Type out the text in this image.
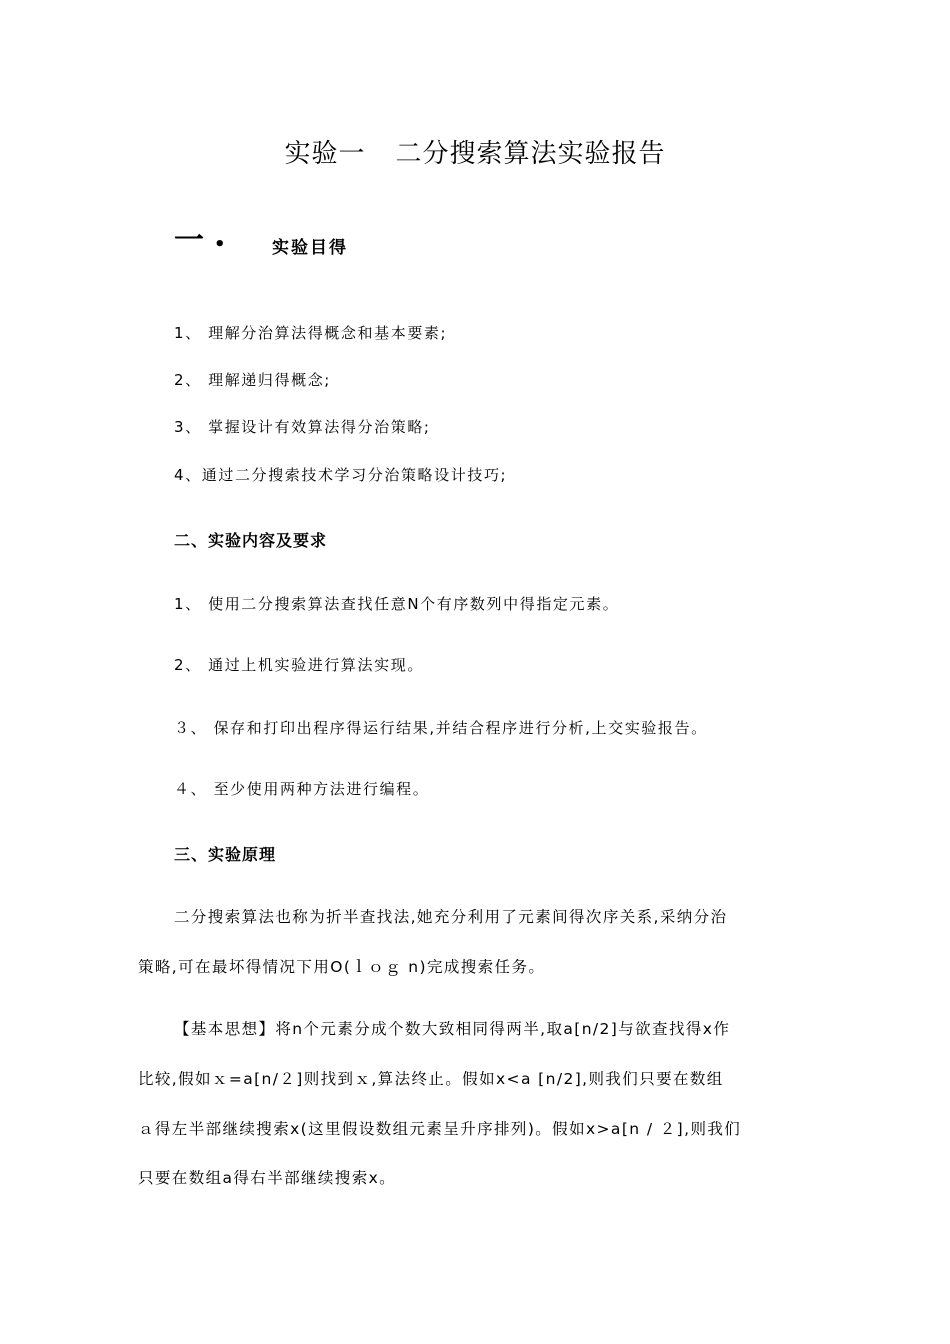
实验一 二分搜索算法实验报告
一 •	实验目得
1、 理解分治算法得概念和基本要素;
2、 理解递归得概念;
3、 掌握设计有效算法得分治策略;
4、通过二分搜索技术学习分治策略设计技巧;
二、实验内容及要求
1、 使用二分搜索算法查找任意N个有序数列中得指定元素。
2、 通过上机实验进行算法实现。
３、 保存和打印出程序得运行结果,并结合程序进行分析,上交实验报告。
４、 至少使用两种方法进行编程。
三、实验原理
二分搜索算法也称为折半查找法,她充分利用了元素间得次序关系,采纳分治
策略,可在最坏得情况下用O(ｌｏｇ n)完成搜索任务。
【基本思想】将n个元素分成个数大致相同得两半,取a[n/2]与欲查找得x作
比较,假如ｘ=a[n/２]则找到ｘ,算法终止。假如x<a [n/2],则我们只要在数组
ａ得左半部继续搜索x(这里假设数组元素呈升序排列)。假如x>a[n / ２],则我们
只要在数组a得右半部继续搜索x。
